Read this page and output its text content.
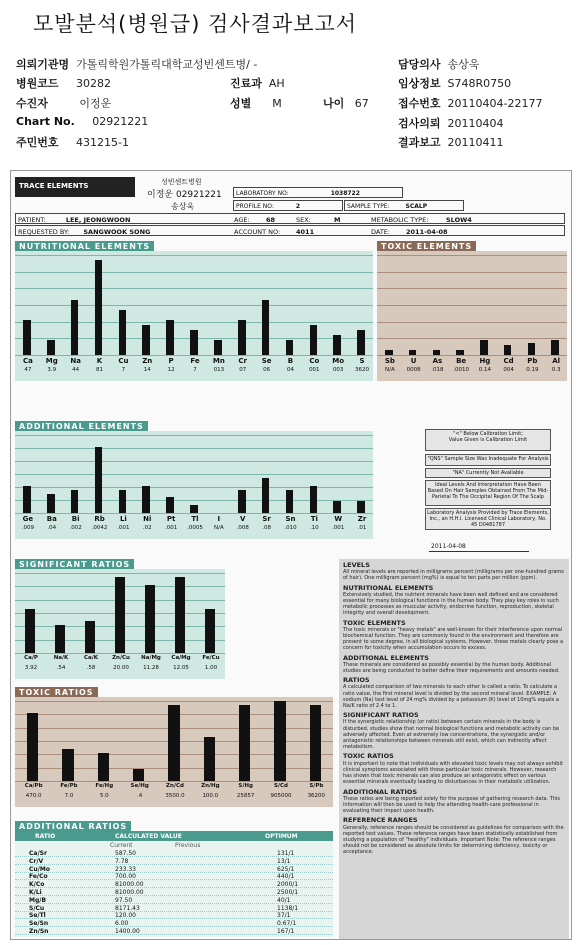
모발분석(병원급) 검사결과보고서
의뢰기관명 가톨릭학원가톨릭대학교성빈센트병/ -
병원코드 30282
수진자	이정운
Chart No. 02921221
주민번호 431215-1
진료과 AH
성별 M	나이 67
담당의사 송상욱
임상정보 S748R0750
접수번호 20110404-22177
검사의뢰 20110404
결과보고 20110411
TRACE ELEMENTS	성빈센트병원
이정운 02921221
송상욱
LABORATORY NO:	1038722
PROFILE NO:	2	SAMPLE TYPE:	SCALP
PATIENT:	LEE, JEONGWOON	AGE:	68	SEX:	M	METABOLIC TYPE:	SLOW4
REQUESTED BY: SANGWOOK SONG	ACCOUNT NO: 4011	DATE: 2011-04-08
NUTRITIONAL ELEMENTS
Ca
47
Mg
3.9
Na
44
K
81
Cu
7
Zn
14
P
12
Fe
7
Mn
013
Cr
07
Se
06
B
04
Co
001
Mo
003
S
3620
TOXIC ELEMENTS
Sb
N/A
U
0008
As
.018
Be
.0010
Hg
0.14
Cd
004
Pb
0.19
Al
0.3
ADDITIONAL ELEMENTS
Ge
.009
Ba
.04
Bi
.002
Rb
.0042
Li
.001
Ni
.02
Pt
.001
Tl
.0005
I
N/A
V
.008
Sr
.08
Sn
.010
Ti
.10
W
.001
Zr
.01
"<" Below Calibration Limit;
Value Given is Calibration Limit
"QNS" Sample Size Was Inadequate For Analysis
"NA" Currently Not Available
Ideal Levels And Interpretation Have Been Based On Hair Samples Obtained From The Mid-Parietal To The Occipital Region Of The Scalp
Laboratory Analysis Provided by Trace Elements, Inc., an H.H.I. Licensed Clinical Laboratory, No. 45 D0481787
2011-04-08
SIGNIFICANT RATIOS
Ca/P
3.92
Na/K
.54
Ca/K
.58
Zn/Cu
20.00
Na/Mg
11.28
Ca/Mg
12.05
Fe/Cu
1.00
TOXIC RATIOS
Ca/Pb
470.0
Fe/Pb
7.0
Fe/Hg
5.0
Se/Hg
.4
Zn/Cd
3500.0
Zn/Hg
100.0
S/Hg
25857
S/Cd
905000
S/Pb
36200
ADDITIONAL RATIOS
RATIO	CALCULATED VALUE	OPTIMUM
Current	Previous
Ca/Sr	587.50	131/1
Cr/V	7.78	13/1
Cu/Mo	233.33	625/1
Fe/Co	700.00	440/1
K/Co	81000.00	2000/1
K/Li	81000.00	2500/1
Mg/B	97.50	40/1
S/Cu	8171.43	1138/1
Se/Tl	120.00	37/1
Se/Sn	6.00	0.67/1
Zn/Sn	1400.00	167/1
LEVELS
All mineral levels are reported in milligrams percent (milligrams per one-hundred grams of hair). One milligram percent (mg%) is equal to ten parts per million (ppm).
NUTRITIONAL ELEMENTS
Extensively studied, the nutrient minerals have been well defined and are considered essential for many biological functions in the human body. They play key roles in such metabolic processes as muscular activity, endocrine function, reproduction, skeletal integrity and overall development.
TOXIC ELEMENTS
The toxic minerals or "heavy metals" are well-known for their interference upon normal biochemical function. They are commonly found in the environment and therefore are present to some degree, in all biological systems. However, these metals clearly pose a concern for toxicity when accumulation occurs to excess.
ADDITIONAL ELEMENTS
These minerals are considered as possibly essential by the human body. Additional studies are being conducted to better define their requirements and amounts needed.
RATIOS
A calculated comparison of two minerals to each other is called a ratio. To calculate a ratio value, the first mineral level is divided by the second mineral level. EXAMPLE: A sodium (Na) test level of 24 mg% divided by a potassium (K) level of 10mg% equals a Na/K ratio of 2.4 to 1.
SIGNIFICANT RATIOS
If the synergistic relationship (or ratio) between certain minerals in the body is disturbed, studies show that normal biological functions and metabolic activity can be adversely affected. Even at extremely low concentrations, the synergistic and/or antagonistic relationships between minerals still exist, which can indirectly affect metabolism.
TOXIC RATIOS
It is important to note that individuals with elevated toxic levels may not always exhibit clinical symptoms associated with those particular toxic minerals. However, research has shown that toxic minerals can also produce an antagonistic effect on various essential minerals eventually leading to disturbances in their metabolic utilization.
ADDITIONAL RATIOS
These ratios are being reported solely for the purpose of gathering research data. This information will then be used to help the attending health-care professional in evaluating their impact upon health.
REFERENCE RANGES
Generally, reference ranges should be considered as guidelines for comparison with the reported test values. These reference ranges have been statistically established from studying a population of "healthy" individuals. Important Note: The reference ranges should not be considered as absolute limits for determining deficiency, toxicity or acceptance.
